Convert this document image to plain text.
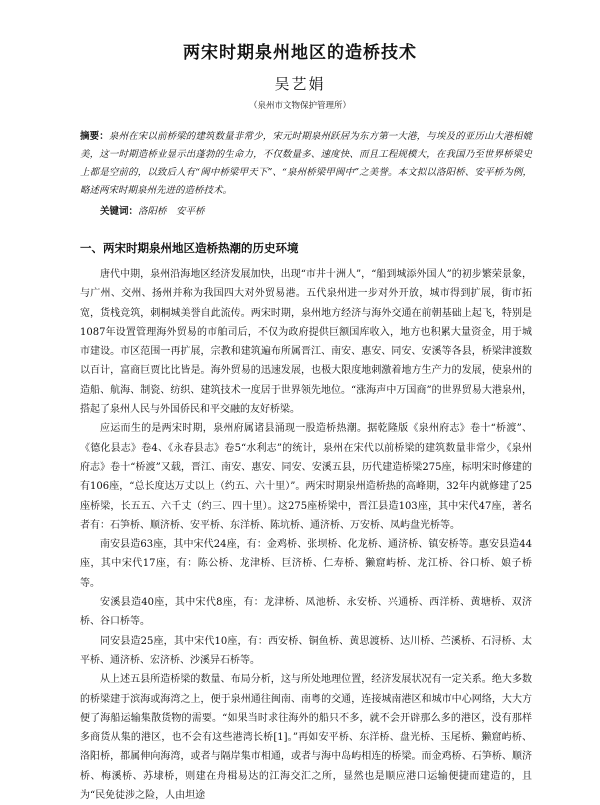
两宋时期泉州地区的造桥技术
吴艺娟
（泉州市文物保护管理所）
摘要：泉州在宋以前桥梁的建筑数量非常少，宋元时期泉州跃居为东方第一大港，与埃及的亚历山大港相媲美，这一时期造桥业显示出蓬勃的生命力，不仅数量多、速度快、而且工程规模大，在我国乃至世界桥梁史上都是空前的，以致后人有“闽中桥梁甲天下”、“泉州桥梁甲闽中”之美誉。本文拟以洛阳桥、安平桥为例，略述两宋时期泉州先进的造桥技术。
关键词：洛阳桥　安平桥
一、两宋时期泉州地区造桥热潮的历史环境

唐代中期，泉州沿海地区经济发展加快，出现“市井十洲人”，“船到城添外国人”的初步繁荣景象，与广州、交州、扬州并称为我国四大对外贸易港。五代泉州进一步对外开放，城市得到扩展，街市拓宽，货栈竞筑，刺桐城美誉自此流传。两宋时期，泉州地方经济与海外交通在前朝基础上起飞，特别是1087年设置管理海外贸易的市舶司后，不仅为政府提供巨额国库收入，地方也积累大量资金，用于城市建设。市区范围一再扩展，宗教和建筑遍布所属晋江、南安、惠安、同安、安溪等各县，桥梁津渡数以百计，富商巨贾比比皆是。海外贸易的迅速发展，也极大限度地刺激着地方生产力的发展，使泉州的造船、航海、制瓷、纺织、建筑技术一度居于世界领先地位。“涨海声中万国商”的世界贸易大港泉州，搭起了泉州人民与外国侨民和平交融的友好桥梁。

应运而生的是两宋时期，泉州府属诸县涌现一股造桥热潮。据乾隆版《泉州府志》卷十“桥渡”、《德化县志》卷4、《永春县志》卷5“水利志”的统计，泉州在宋代以前桥梁的建筑数量非常少，《泉州府志》卷十“桥渡”又载，晋江、南安、惠安、同安、安溪五县，历代建造桥梁275座，标明宋时修建的有106座，“总长度达万丈以上（约五、六十里）”。两宋时期泉州造桥热的高峰期，32年内就修建了25座桥梁，长五五、六千丈（约三、四十里）。这275座桥梁中，晋江县造103座，其中宋代47座，著名者有：石笋桥、顺济桥、安平桥、东洋桥、陈坑桥、通济桥、万安桥、凤屿盘光桥等。

南安县造63座，其中宋代24座，有：金鸡桥、张坝桥、化龙桥、通济桥、镇安桥等。惠安县造44座，其中宋代17座，有：陈公桥、龙津桥、巨济桥、仁寿桥、獭窟屿桥、龙江桥、谷口桥、娘子桥等。

安溪县造40座，其中宋代8座，有：龙津桥、凤池桥、永安桥、兴通桥、西洋桥、黄塘桥、双济桥、谷口桥等。

同安县造25座，其中宋代10座，有：西安桥、铜鱼桥、黄思渡桥、达川桥、苎溪桥、石浔桥、太平桥、通济桥、宏济桥、沙溪异石桥等。

从上述五县所造桥梁的数量、布局分析，这与所处地理位置，经济发展状况有一定关系。绝大多数的桥梁建于滨海或海湾之上，便于泉州通往闽南、南粤的交通，连接城南港区和城市中心网络，大大方便了海船运输集散货物的需要。“如果当时求往海外的船只不多，就不会开辟那么多的港区，没有那样多商货从集的港区，也不会有这些港湾长桥[1]。”再如安平桥、东洋桥、盘光桥、玉尾桥、獭窟屿桥、洛阳桥，都属伸向海湾，或者与隔岸集市相通，或者与海中岛屿相连的桥梁。而金鸡桥、石笋桥、顺济桥、梅溪桥、苏埭桥，则建在舟楫易达的江海交汇之所，显然也是顺应港口运输便捷而建造的，且为“民免徒涉之险，人由坦途
